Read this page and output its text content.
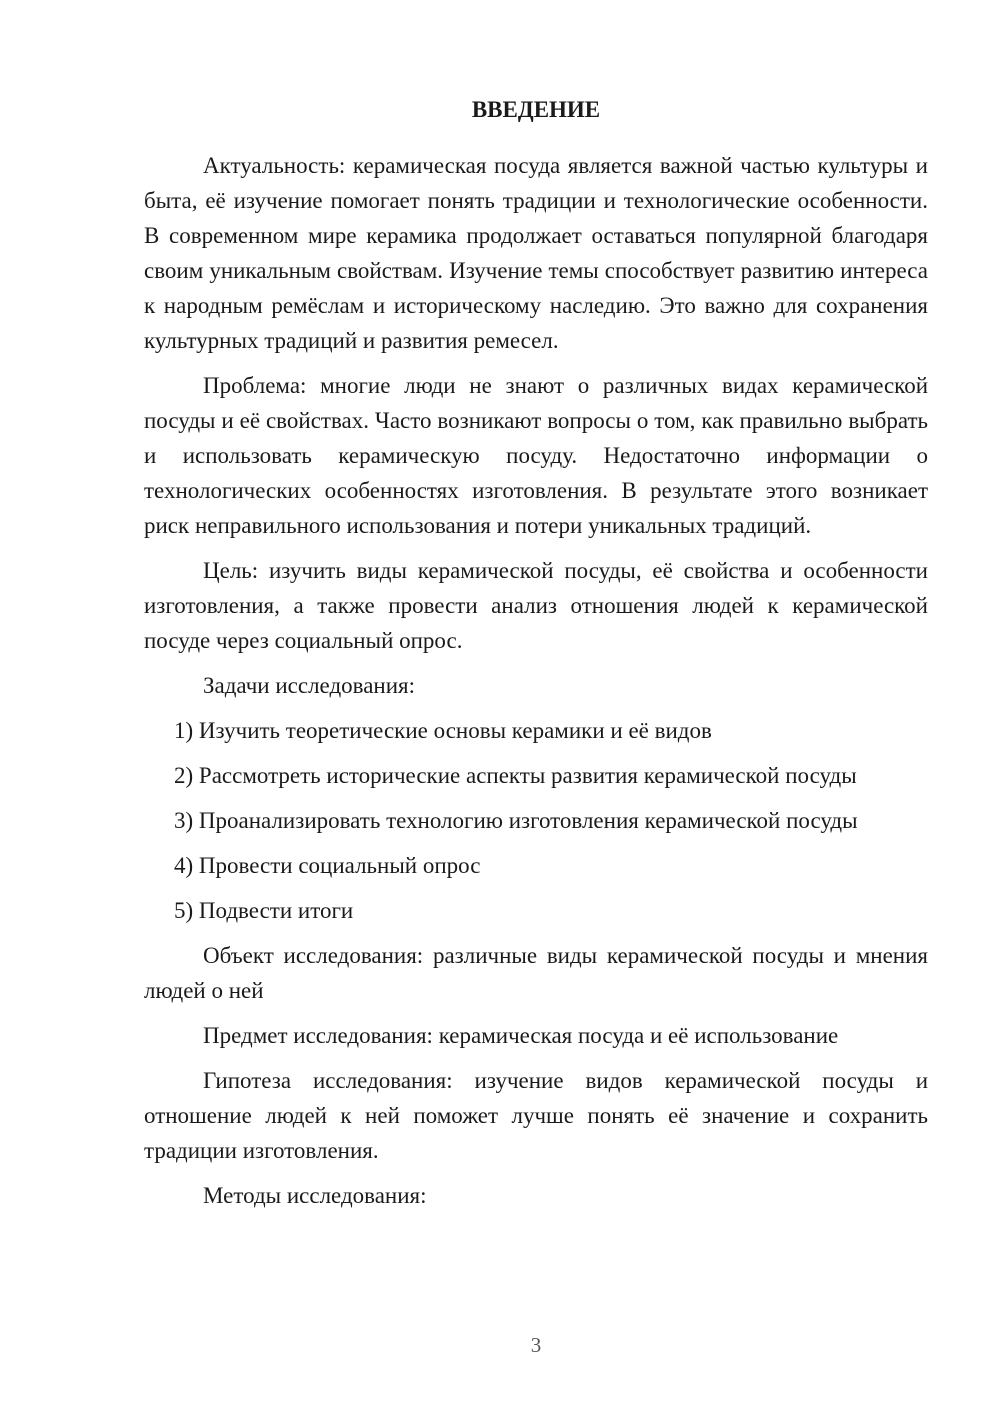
ВВЕДЕНИЕ

Актуальность: керамическая посуда является важной частью культуры и быта, её изучение помогает понять традиции и технологические особенности. В современном мире керамика продолжает оставаться популярной благодаря своим уникальным свойствам. Изучение темы способствует развитию интереса к народным ремёслам и историческому наследию. Это важно для сохранения культурных традиций и развития ремесел.

Проблема: многие люди не знают о различных видах керамической посуды и её свойствах. Часто возникают вопросы о том, как правильно выбрать и использовать керамическую посуду. Недостаточно информации о технологических особенностях изготовления. В результате этого возникает риск неправильного использования и потери уникальных традиций.

Цель: изучить виды керамической посуды, её свойства и особенности изготовления, а также провести анализ отношения людей к керамической посуде через социальный опрос.

Задачи исследования:

1) Изучить теоретические основы керамики и её видов
2) Рассмотреть исторические аспекты развития керамической посуды
3) Проанализировать технологию изготовления керамической посуды
4) Провести социальный опрос
5) Подвести итоги

Объект исследования: различные виды керамической посуды и мнения людей о ней

Предмет исследования: керамическая посуда и её использование

Гипотеза исследования: изучение видов керамической посуды и отношение людей к ней поможет лучше понять её значение и сохранить традиции изготовления.

Методы исследования:

3
